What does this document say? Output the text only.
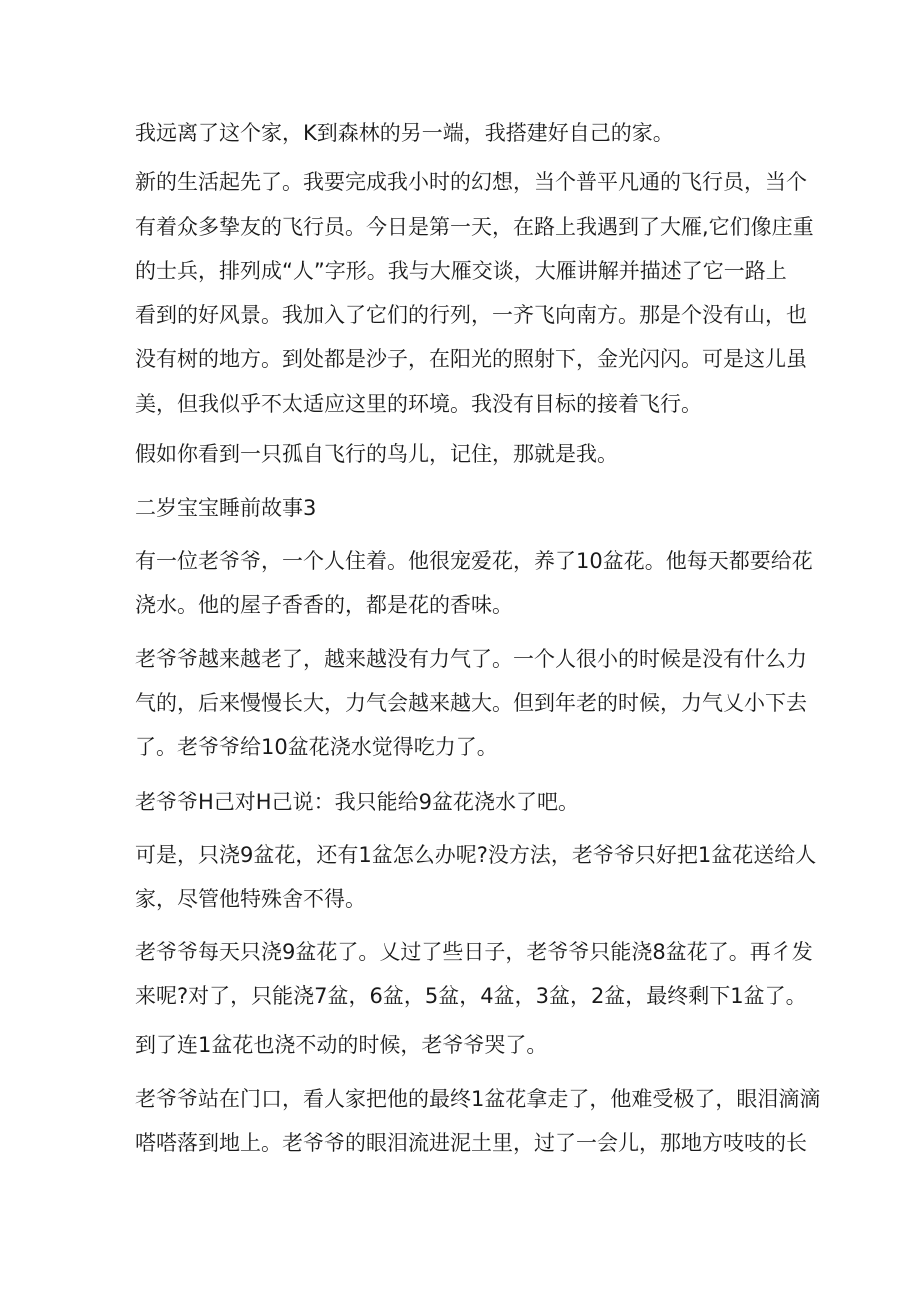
我远离了这个家，K到森林的另一端，我搭建好自己的家。

新的生活起先了。我要完成我小时的幻想，当个普平凡通的飞行员，当个

有着众多挚友的飞行员。今日是第一天，在路上我遇到了大雁,它们像庄重

的士兵，排列成“人”字形。我与大雁交谈，大雁讲解并描述了它一路上

看到的好风景。我加入了它们的行列，一齐飞向南方。那是个没有山，也

没有树的地方。到处都是沙子，在阳光的照射下，金光闪闪。可是这儿虽

美，但我似乎不太适应这里的环境。我没有目标的接着飞行。

假如你看到一只孤自飞行的鸟儿，记住，那就是我。

二岁宝宝睡前故事3

有一位老爷爷，一个人住着。他很宠爱花，养了10盆花。他每天都要给花

浇水。他的屋子香香的，都是花的香味。

老爷爷越来越老了，越来越没有力气了。一个人很小的时候是没有什么力

气的，后来慢慢长大，力气会越来越大。但到年老的时候，力气乂小下去

了。老爷爷给10盆花浇水觉得吃力了。

老爷爷H己对H己说：我只能给9盆花浇水了吧。

可是，只浇9盆花，还有1盆怎么办呢?没方法，老爷爷只好把1盆花送给人

家，尽管他特殊舍不得。

老爷爷每天只浇9盆花了。乂过了些日子，老爷爷只能浇8盆花了。再彳发

来呢?对了，只能浇7盆，6盆，5盆，4盆，3盆，2盆，最终剩下1盆了。

到了连1盆花也浇不动的时候，老爷爷哭了。

老爷爷站在门口，看人家把他的最终1盆花拿走了，他难受极了，眼泪滴滴

嗒嗒落到地上。老爷爷的眼泪流进泥土里，过了一会儿，那地方吱吱的长
